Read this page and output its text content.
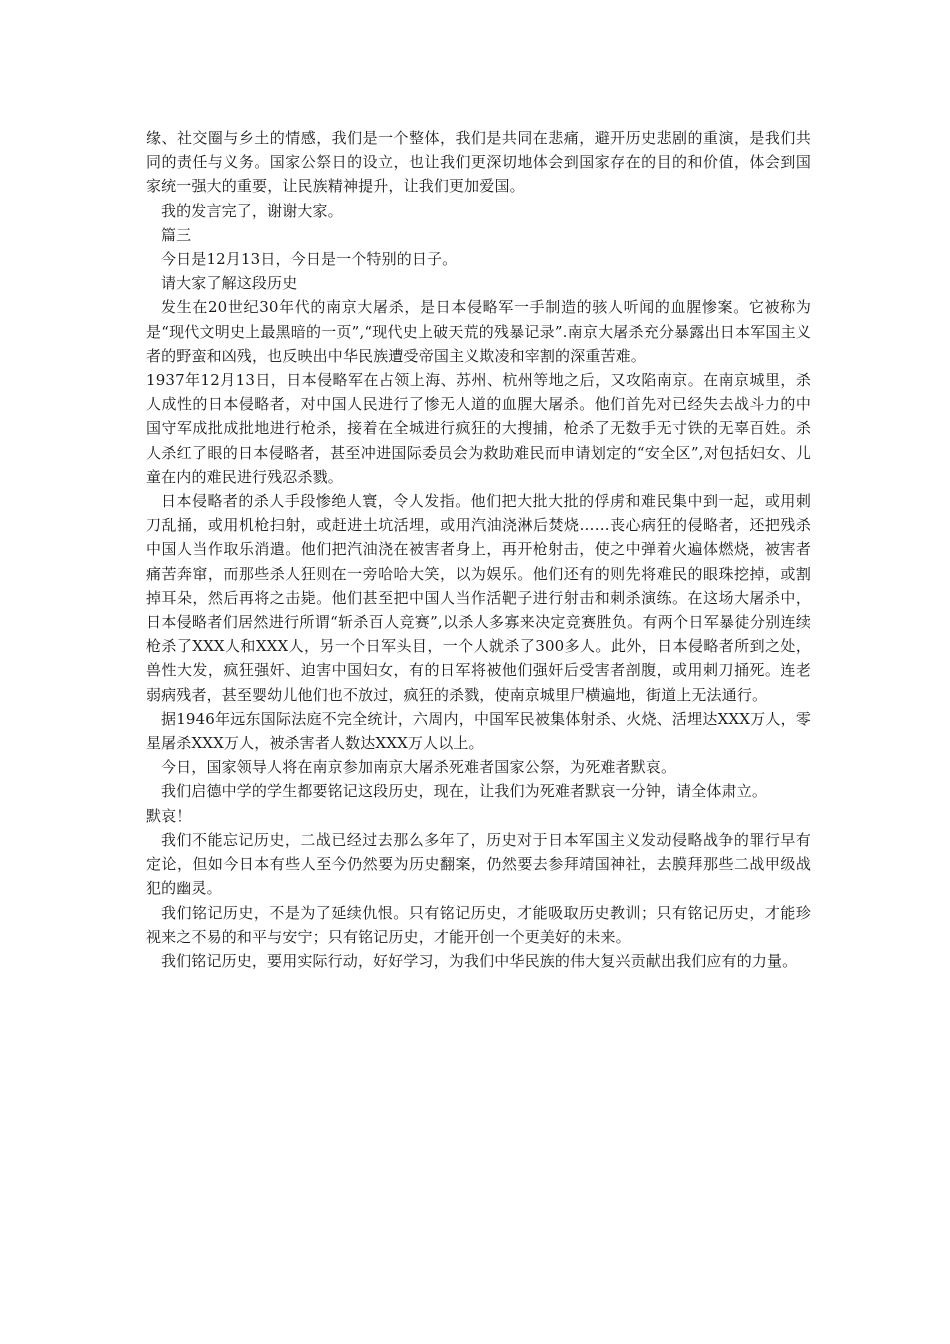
缘、社交圈与乡土的情感，我们是一个整体，我们是共同在悲痛，避开历史悲剧的重演，是我们共同的责任与义务。国家公祭日的设立，也让我们更深切地体会到国家存在的目的和价值，体会到国家统一强大的重要，让民族精神提升，让我们更加爱国。

我的发言完了，谢谢大家。

篇三

今日是12月13日，今日是一个特别的日子。

请大家了解这段历史

发生在20世纪30年代的南京大屠杀，是日本侵略军一手制造的骇人听闻的血腥惨案。它被称为是“现代文明史上最黑暗的一页”,“现代史上破天荒的残暴记录”.南京大屠杀充分暴露出日本军国主义者的野蛮和凶残，也反映出中华民族遭受帝国主义欺凌和宰割的深重苦难。

1937年12月13日，日本侵略军在占领上海、苏州、杭州等地之后，又攻陷南京。在南京城里，杀人成性的日本侵略者，对中国人民进行了惨无人道的血腥大屠杀。他们首先对已经失去战斗力的中国守军成批成批地进行枪杀，接着在全城进行疯狂的大搜捕，枪杀了无数手无寸铁的无辜百姓。杀人杀红了眼的日本侵略者，甚至冲进国际委员会为救助难民而申请划定的“安全区”,对包括妇女、儿童在内的难民进行残忍杀戮。

日本侵略者的杀人手段惨绝人寰，令人发指。他们把大批大批的俘虏和难民集中到一起，或用刺刀乱捅，或用机枪扫射，或赶进土坑活埋，或用汽油浇淋后焚烧……丧心病狂的侵略者，还把残杀中国人当作取乐消遣。他们把汽油浇在被害者身上，再开枪射击，使之中弹着火遍体燃烧，被害者痛苦奔窜，而那些杀人狂则在一旁哈哈大笑，以为娱乐。他们还有的则先将难民的眼珠挖掉，或割掉耳朵，然后再将之击毙。他们甚至把中国人当作活靶子进行射击和刺杀演练。在这场大屠杀中，日本侵略者们居然进行所谓“斩杀百人竞赛”,以杀人多寡来决定竞赛胜负。有两个日军暴徒分别连续枪杀了XXX人和XXX人，另一个日军头目，一个人就杀了300多人。此外，日本侵略者所到之处，兽性大发，疯狂强奸、迫害中国妇女，有的日军将被他们强奸后受害者剖腹，或用刺刀捅死。连老弱病残者，甚至婴幼儿他们也不放过，疯狂的杀戮，使南京城里尸横遍地，街道上无法通行。

据1946年远东国际法庭不完全统计，六周内，中国军民被集体射杀、火烧、活埋达XXX万人，零星屠杀XXX万人，被杀害者人数达XXX万人以上。

今日，国家领导人将在南京参加南京大屠杀死难者国家公祭，为死难者默哀。

我们启德中学的学生都要铭记这段历史，现在，让我们为死难者默哀一分钟，请全体肃立。

默哀！

我们不能忘记历史，二战已经过去那么多年了，历史对于日本军国主义发动侵略战争的罪行早有定论，但如今日本有些人至今仍然要为历史翻案，仍然要去参拜靖国神社，去膜拜那些二战甲级战犯的幽灵。

我们铭记历史，不是为了延续仇恨。只有铭记历史，才能吸取历史教训；只有铭记历史，才能珍视来之不易的和平与安宁；只有铭记历史，才能开创一个更美好的未来。

我们铭记历史，要用实际行动，好好学习，为我们中华民族的伟大复兴贡献出我们应有的力量。
